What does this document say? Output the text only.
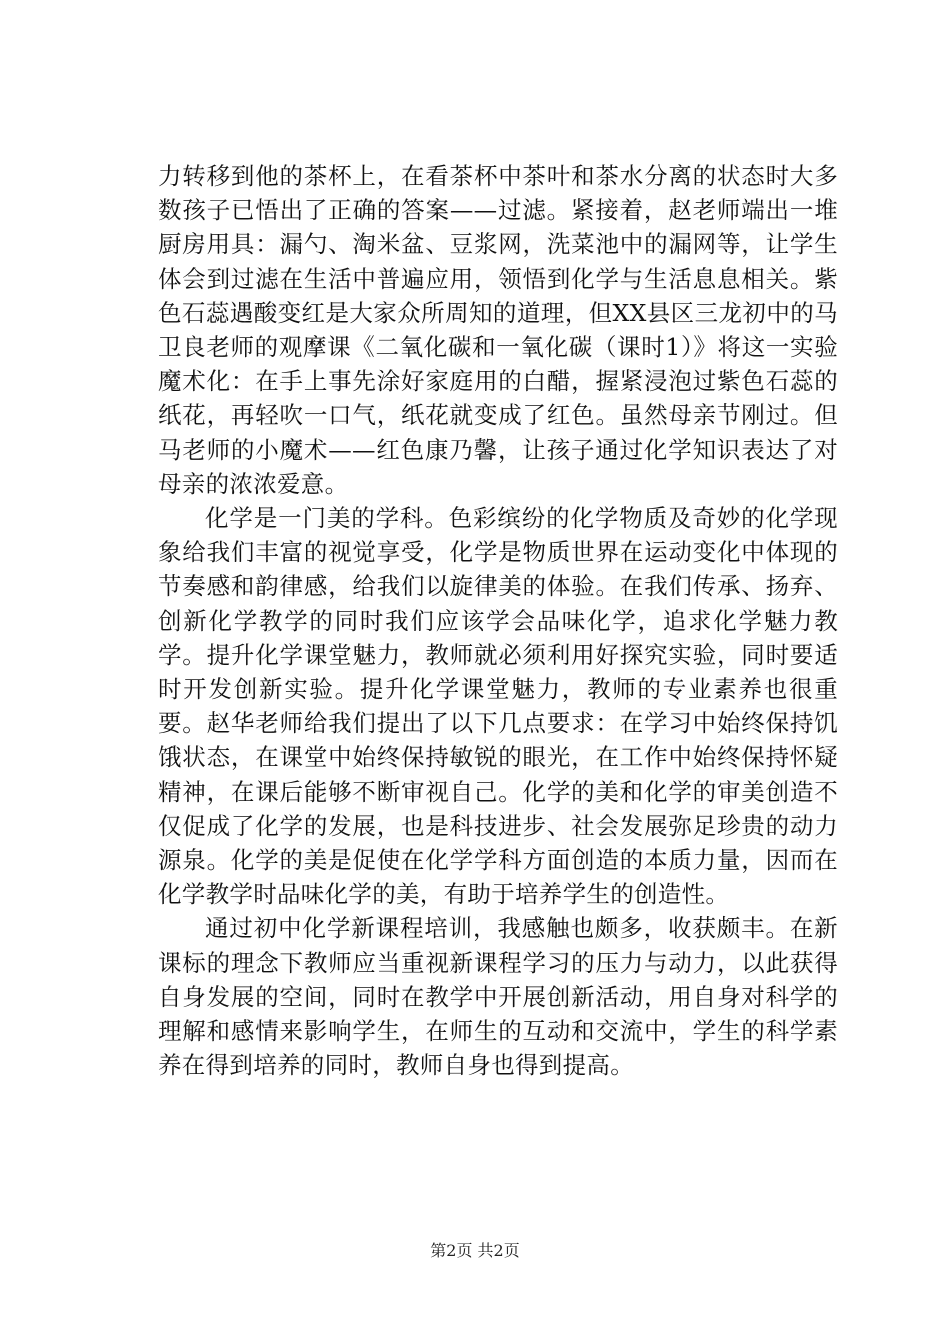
力转移到他的茶杯上，在看茶杯中茶叶和茶水分离的状态时大多数孩子已悟出了正确的答案——过滤。紧接着，赵老师端出一堆厨房用具：漏勺、淘米盆、豆浆网，洗菜池中的漏网等，让学生体会到过滤在生活中普遍应用，领悟到化学与生活息息相关。紫色石蕊遇酸变红是大家众所周知的道理，但XX县区三龙初中的马卫良老师的观摩课《二氧化碳和一氧化碳（课时1）》将这一实验魔术化：在手上事先涂好家庭用的白醋，握紧浸泡过紫色石蕊的纸花，再轻吹一口气，纸花就变成了红色。虽然母亲节刚过。但马老师的小魔术——红色康乃馨，让孩子通过化学知识表达了对母亲的浓浓爱意。

化学是一门美的学科。色彩缤纷的化学物质及奇妙的化学现象给我们丰富的视觉享受，化学是物质世界在运动变化中体现的节奏感和韵律感，给我们以旋律美的体验。在我们传承、扬弃、创新化学教学的同时我们应该学会品味化学，追求化学魅力教学。提升化学课堂魅力，教师就必须利用好探究实验，同时要适时开发创新实验。提升化学课堂魅力，教师的专业素养也很重要。赵华老师给我们提出了以下几点要求：在学习中始终保持饥饿状态，在课堂中始终保持敏锐的眼光，在工作中始终保持怀疑精神，在课后能够不断审视自己。化学的美和化学的审美创造不仅促成了化学的发展，也是科技进步、社会发展弥足珍贵的动力源泉。化学的美是促使在化学学科方面创造的本质力量，因而在化学教学时品味化学的美，有助于培养学生的创造性。

通过初中化学新课程培训，我感触也颇多，收获颇丰。在新课标的理念下教师应当重视新课程学习的压力与动力，以此获得自身发展的空间，同时在教学中开展创新活动，用自身对科学的理解和感情来影响学生，在师生的互动和交流中，学生的科学素养在得到培养的同时，教师自身也得到提高。

第2页 共2页
